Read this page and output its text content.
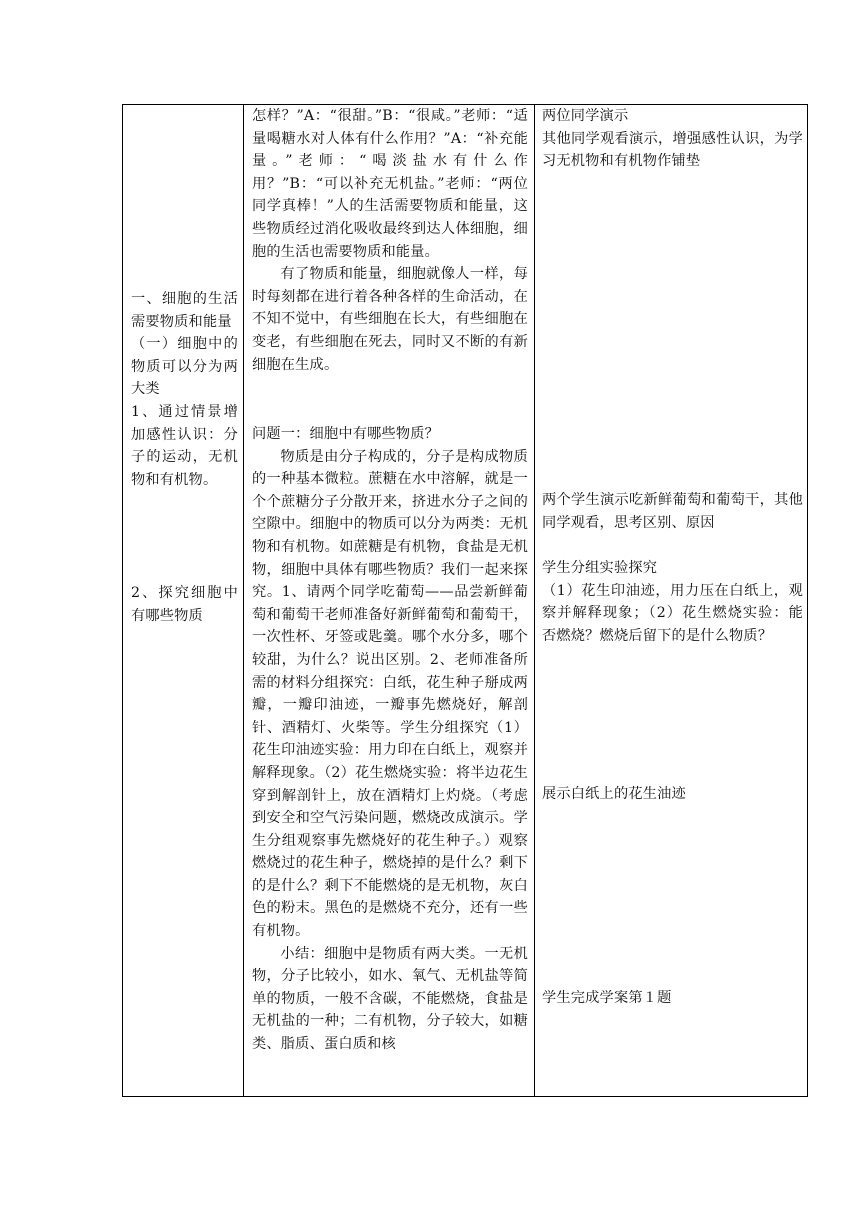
一、细胞的生活需要物质和能量

（一）细胞中的物质可以分为两大类

1、通过情景增加感性认识：分子的运动，无机物和有机物。

2、探究细胞中有哪些物质

怎样？”A：“很甜。”B：“很咸。”老师：“适量喝糖水对人体有什么作用？”A：“补充能量。”老师：“喝淡盐水有什么作用？”B：“可以补充无机盐。”老师：“两位同学真棒！”人的生活需要物质和能量，这些物质经过消化吸收最终到达人体细胞，细胞的生活也需要物质和能量。

有了物质和能量，细胞就像人一样，每时每刻都在进行着各种各样的生命活动，在不知不觉中，有些细胞在长大，有些细胞在变老，有些细胞在死去，同时又不断的有新细胞在生成。

问题一：细胞中有哪些物质？

物质是由分子构成的，分子是构成物质的一种基本微粒。蔗糖在水中溶解，就是一个个蔗糖分子分散开来，挤进水分子之间的空隙中。细胞中的物质可以分为两类：无机物和有机物。如蔗糖是有机物，食盐是无机物，细胞中具体有哪些物质？我们一起来探究。1、请两个同学吃葡萄——品尝新鲜葡萄和葡萄干老师准备好新鲜葡萄和葡萄干，一次性杯、牙签或匙羹。哪个水分多，哪个较甜，为什么？说出区别。2、老师准备所需的材料分组探究：白纸，花生种子掰成两瓣，一瓣印油迹，一瓣事先燃烧好，解剖针、酒精灯、火柴等。学生分组探究（1）花生印油迹实验：用力印在白纸上，观察并解释现象。（2）花生燃烧实验：将半边花生穿到解剖针上，放在酒精灯上灼烧。（考虑到安全和空气污染问题，燃烧改成演示。学生分组观察事先燃烧好的花生种子。）观察燃烧过的花生种子，燃烧掉的是什么？剩下的是什么？剩下不能燃烧的是无机物，灰白色的粉末。黑色的是燃烧不充分，还有一些有机物。

小结：细胞中是物质有两大类。一无机物，分子比较小，如水、氧气、无机盐等简单的物质，一般不含碳，不能燃烧，食盐是无机盐的一种；二有机物，分子较大，如糖类、脂质、蛋白质和核

两位同学演示
其他同学观看演示，增强感性认识，为学习无机物和有机物作铺垫

两个学生演示吃新鲜葡萄和葡萄干，其他同学观看，思考区别、原因

学生分组实验探究

（1）花生印油迹，用力压在白纸上，观察并解释现象；（2）花生燃烧实验：能否燃烧？燃烧后留下的是什么物质？

展示白纸上的花生油迹

学生完成学案第１题
